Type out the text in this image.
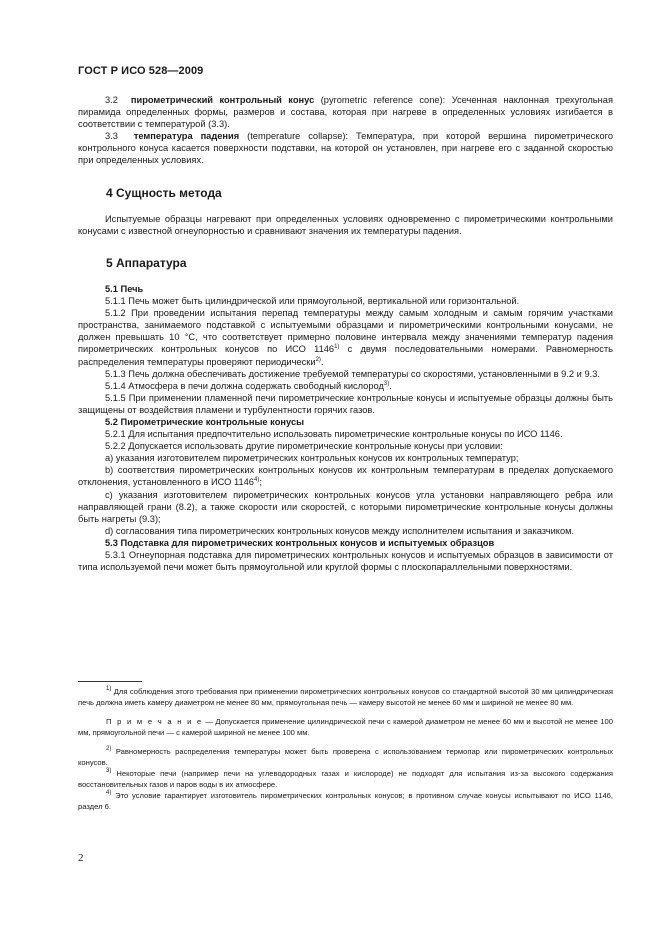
ГОСТ Р ИСО 528—2009

3.2 пирометрический контрольный конус (pyrometric reference cone): Усеченная наклонная трехугольная пирамида определенных формы, размеров и состава, которая при нагреве в определенных условиях изгибается в соответствии с температурой (3.3).

3.3 температура падения (temperature collapse): Температура, при которой вершина пирометрического контрольного конуса касается поверхности подставки, на которой он установлен, при нагреве его с заданной скоростью при определенных условиях.

4 Сущность метода

Испытуемые образцы нагревают при определенных условиях одновременно с пирометрическими контрольными конусами с известной огнеупорностью и сравнивают значения их температуры падения.

5 Аппаратура

5.1 Печь

5.1.1 Печь может быть цилиндрической или прямоугольной, вертикальной или горизонтальной.

5.1.2 При проведении испытания перепад температуры между самым холодным и самым горячим участками пространства, занимаемого подставкой с испытуемыми образцами и пирометрическими контрольными конусами, не должен превышать 10 °С, что соответствует примерно половине интервала между значениями температур падения пирометрических контрольных конусов по ИСО 1146$^{1)}$ с двумя последовательными номерами. Равномерность распределения температуры проверяют периодически$^{2)}$.

5.1.3 Печь должна обеспечивать достижение требуемой температуры со скоростями, установленными в 9.2 и 9.3.

5.1.4 Атмосфера в печи должна содержать свободный кислород$^{3)}$.

5.1.5 При применении пламенной печи пирометрические контрольные конусы и испытуемые образцы должны быть защищены от воздействия пламени и турбулентности горячих газов.

5.2 Пирометрические контрольные конусы

5.2.1 Для испытания предпочтительно использовать пирометрические контрольные конусы по ИСО 1146.

5.2.2 Допускается использовать другие пирометрические контрольные конусы при условии:

а) указания изготовителем пирометрических контрольных конусов их контрольных температур;

b) соответствия пирометрических контрольных конусов их контрольным температурам в пределах допускаемого отклонения, установленного в ИСО 1146$^{4)}$;

c) указания изготовителем пирометрических контрольных конусов угла установки направляющего ребра или направляющей грани (8.2), а также скорости или скоростей, с которыми пирометрические контрольные конусы должны быть нагреты (9.3);

d) согласования типа пирометрических контрольных конусов между исполнителем испытания и заказчиком.

5.3 Подставка для пирометрических контрольных конусов и испытуемых образцов

5.3.1 Огнеупорная подставка для пирометрических контрольных конусов и испытуемых образцов в зависимости от типа используемой печи может быть прямоугольной или круглой формы с плоскопараллельными поверхностями.

$^{1)}$ Для соблюдения этого требования при применении пирометрических контрольных конусов со стандартной высотой 30 мм цилиндрическая печь должна иметь камеру диаметром не менее 80 мм, прямоугольная печь — камеру высотой не менее 60 мм и шириной не менее 80 мм.

П р и м е ч а н и е — Допускается применение цилиндрической печи с камерой диаметром не менее 60 мм и высотой не менее 100 мм, прямоугольной печи — с камерой шириной не менее 100 мм.

$^{2)}$ Равномерность распределения температуры может быть проверена с использованием термопар или пирометрических контрольных конусов.

$^{3)}$ Некоторые печи (например печи на углеводородных газах и кислороде) не подходят для испытания из-за высокого содержания восстановительных газов и паров воды в их атмосфере.

$^{4)}$ Это условие гарантирует изготовитель пирометрических контрольных конусов; в противном случае конусы испытывают по ИСО 1146, раздел 6.

2
